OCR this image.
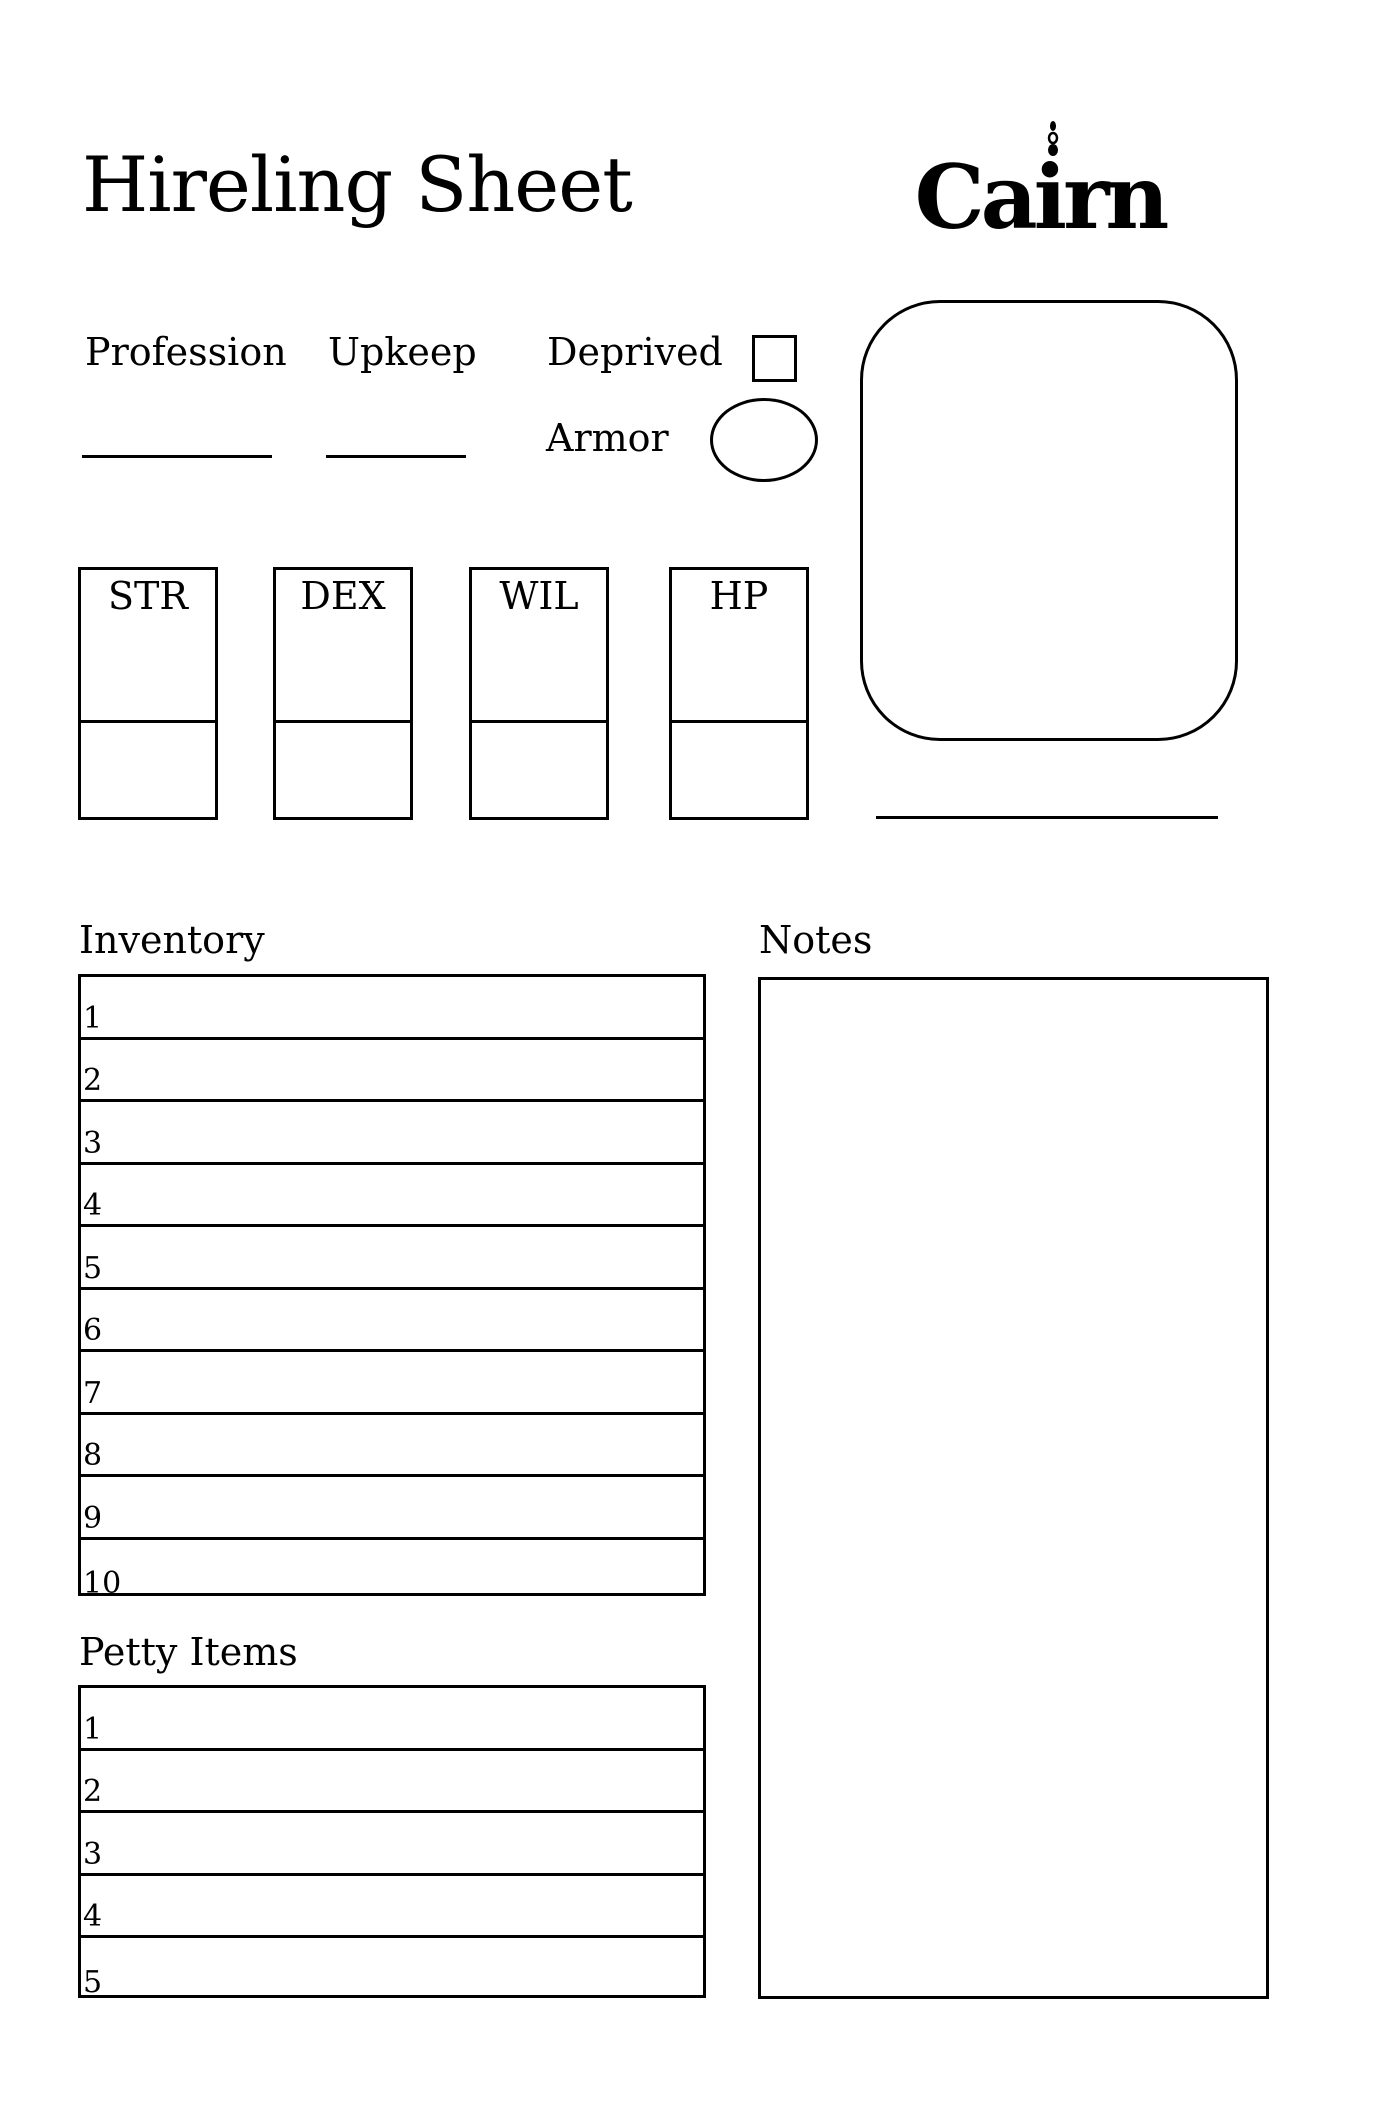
Hireling Sheet	Cairn
Profession Upkeep Deprived
Armor
STR	DEX	WIL	HP
Inventory
1
2
3
4
5
6
7
8
9
10
Petty Items
1
2
3
4
5
Notes
